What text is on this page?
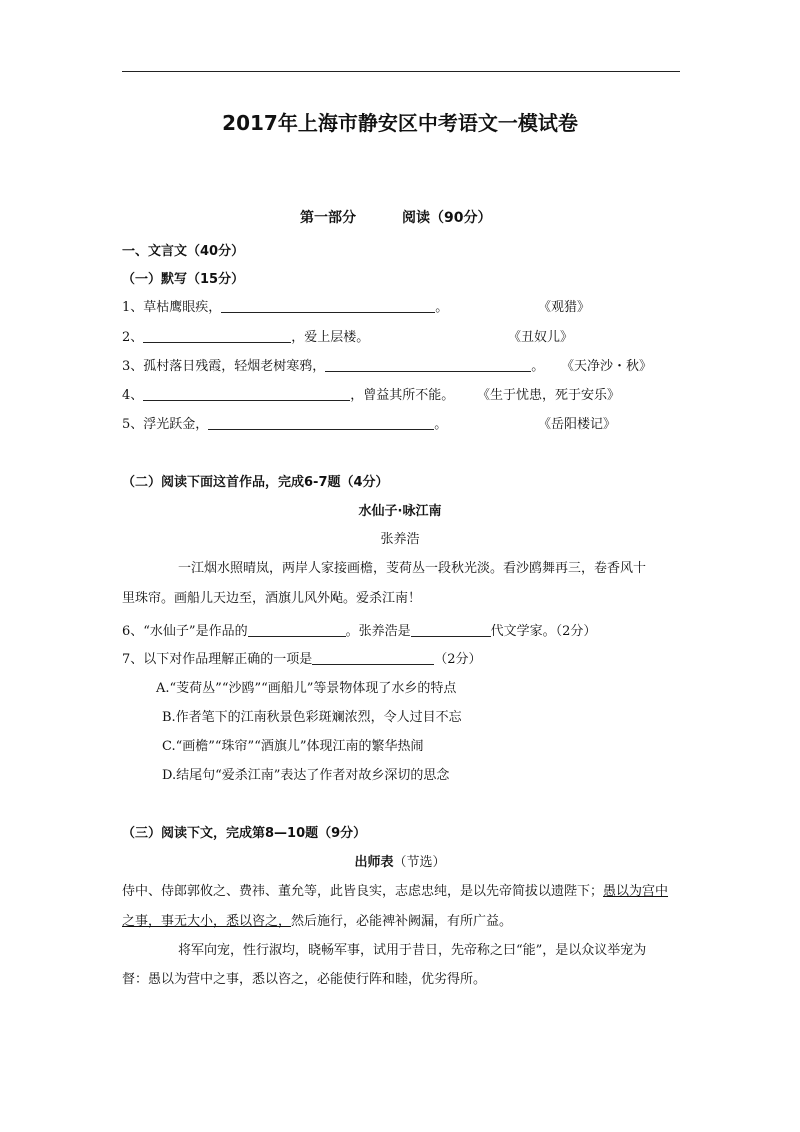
2017年上海市静安区中考语文一模试卷
第一部分	阅读（90分）
一、文言文（40分）
（一）默写（15分）
1、草枯鹰眼疾，	。	《观猎》
2、	，爱上层楼。	《丑奴儿》
3、孤村落日残霞，轻烟老树寒鸦，	。 《天净沙・秋》
4、	，曾益其所不能。 《生于忧患，死于安乐》
5、浮光跃金，	。	《岳阳楼记》
（二）阅读下面这首作品，完成6-7题（4分）
水仙子·咏江南
张养浩
一江烟水照晴岚，两岸人家接画檐，芰荷丛一段秋光淡。看沙鸥舞再三，卷香风十
里珠帘。画船儿天边至，酒旗儿风外飐。爱杀江南！
6、“水仙子”是作品的	。张养浩是	代文学家。（2分）
7、以下对作品理解正确的一项是	（2分）
A.“芰荷丛”“沙鸥”“画船儿”等景物体现了水乡的特点
B.作者笔下的江南秋景色彩斑斓浓烈，令人过目不忘
C.“画檐”“珠帘”“酒旗儿”体现江南的繁华热闹
D.结尾句“爱杀江南”表达了作者对故乡深切的思念
（三）阅读下文，完成第8—10题（9分）
出师表（节选）
侍中、侍郎郭攸之、费祎、董允等，此皆良实，志虑忠纯，是以先帝简拔以遗陛下；愚以为宫中
之事，事无大小，悉以咨之，然后施行，必能裨补阙漏，有所广益。
将军向宠，性行淑均，晓畅军事，试用于昔日，先帝称之曰“能”，是以众议举宠为
督：愚以为营中之事，悉以咨之，必能使行阵和睦，优劣得所。
